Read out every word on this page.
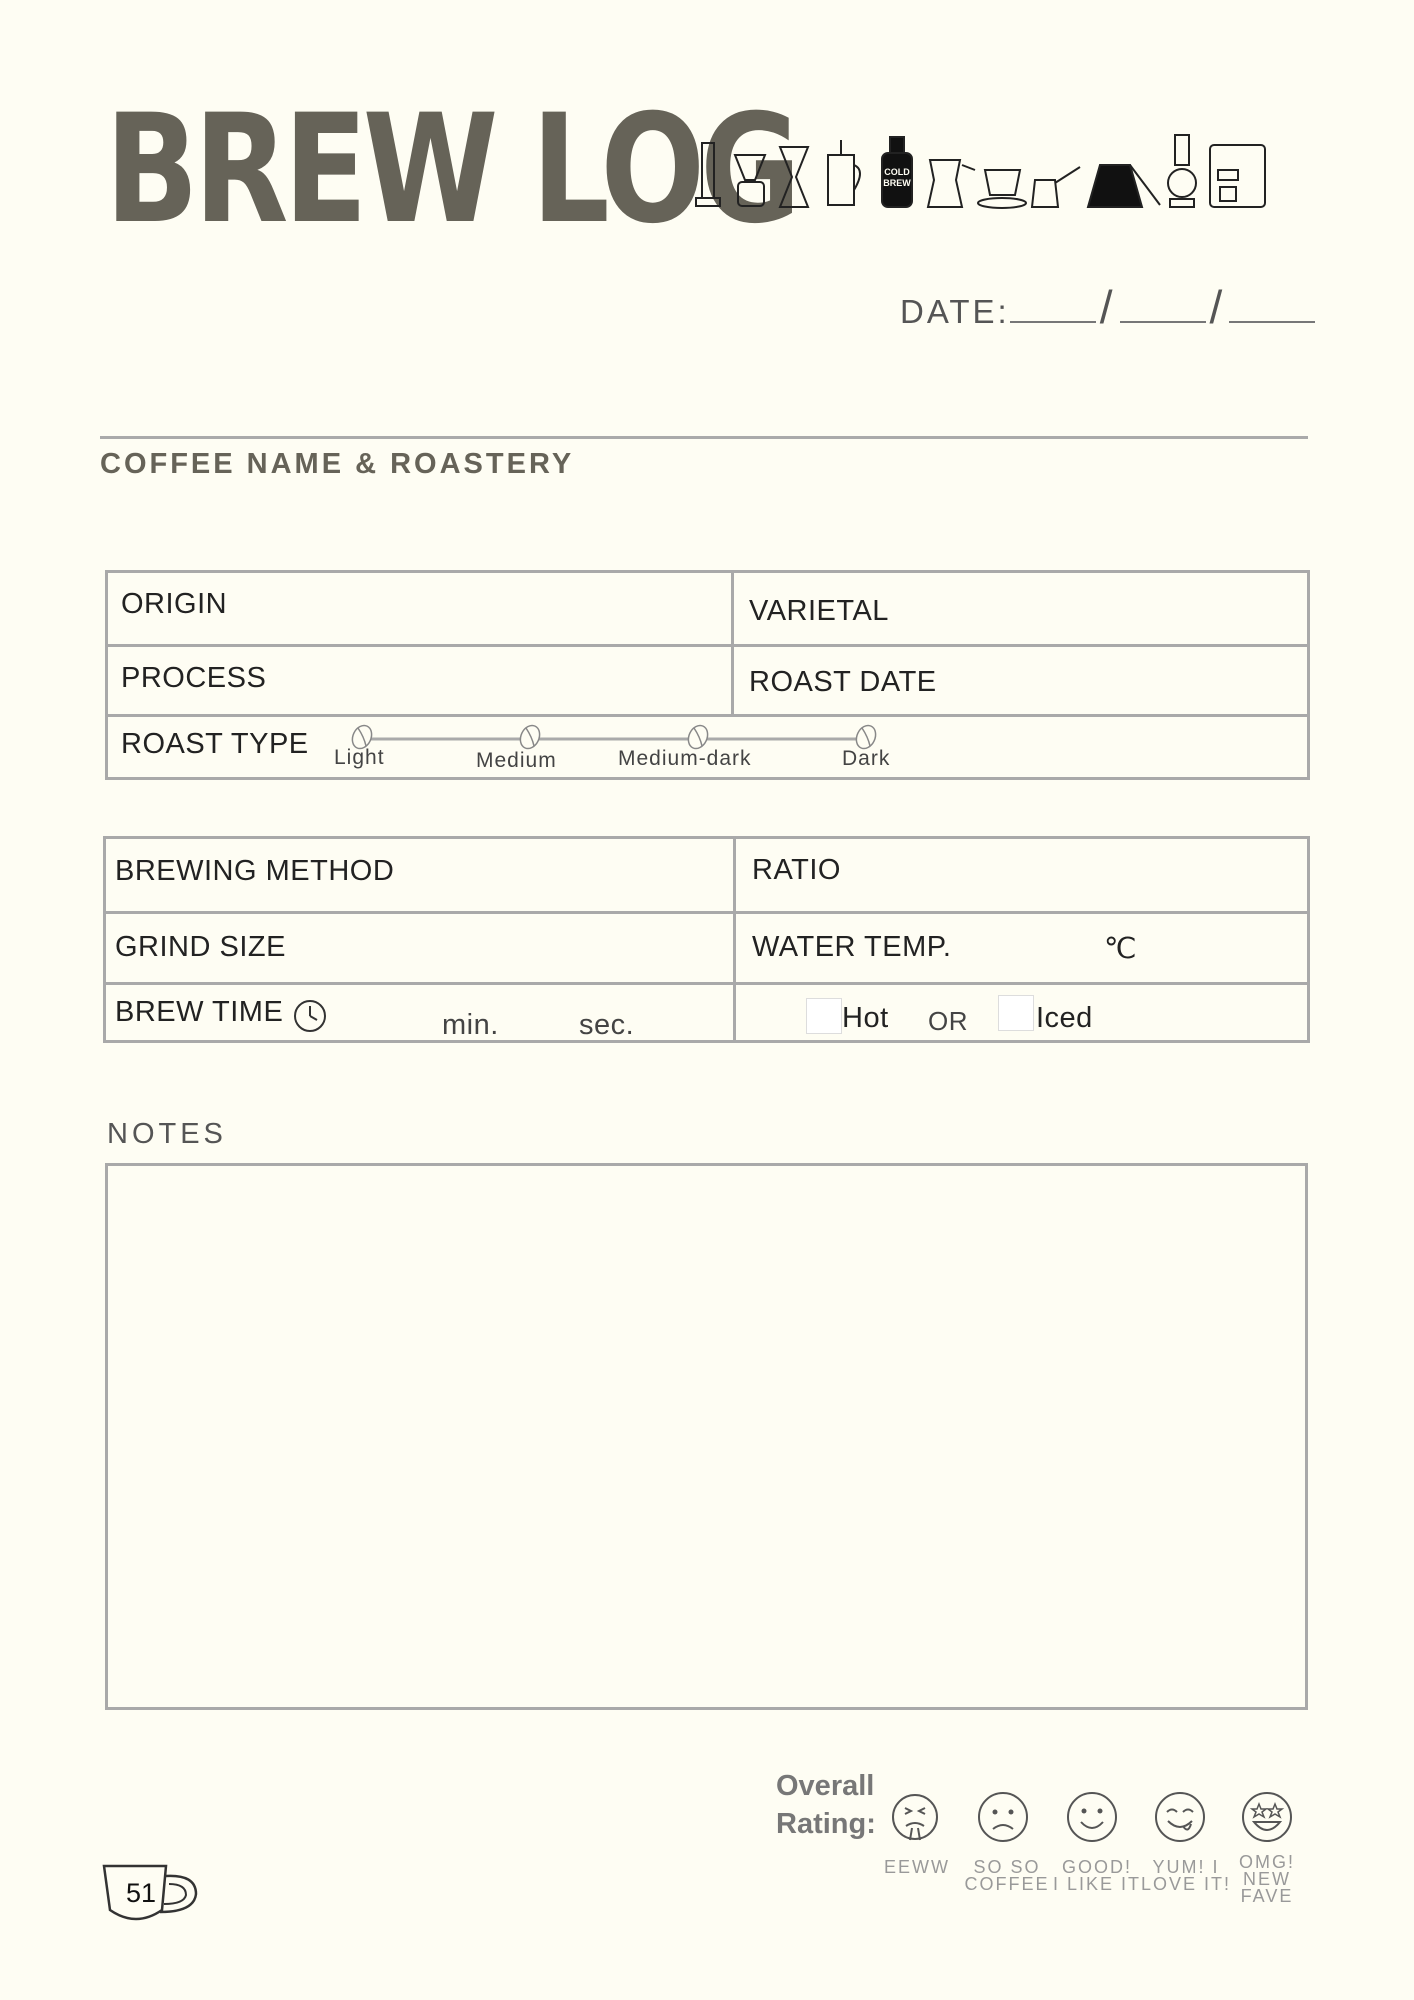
BREW LOG	COLD
BREW
DATE: / /
COFFEE NAME & ROASTERY
ORIGIN	VARIETAL
PROCESS	ROAST DATE
ROAST TYPE Light	Medium	Medium-dark	Dark
BREWING METHOD	RATIO
GRIND SIZE	WATER TEMP.	℃
BREW TIME	min.	sec.	Hot OR Iced
NOTES
Overall
Rating:
EEWW	SO SO
COFFEE
GOOD!
I LIKE IT
YUM! I
LOVE IT!
OMG!
NEW
FAVE
51
